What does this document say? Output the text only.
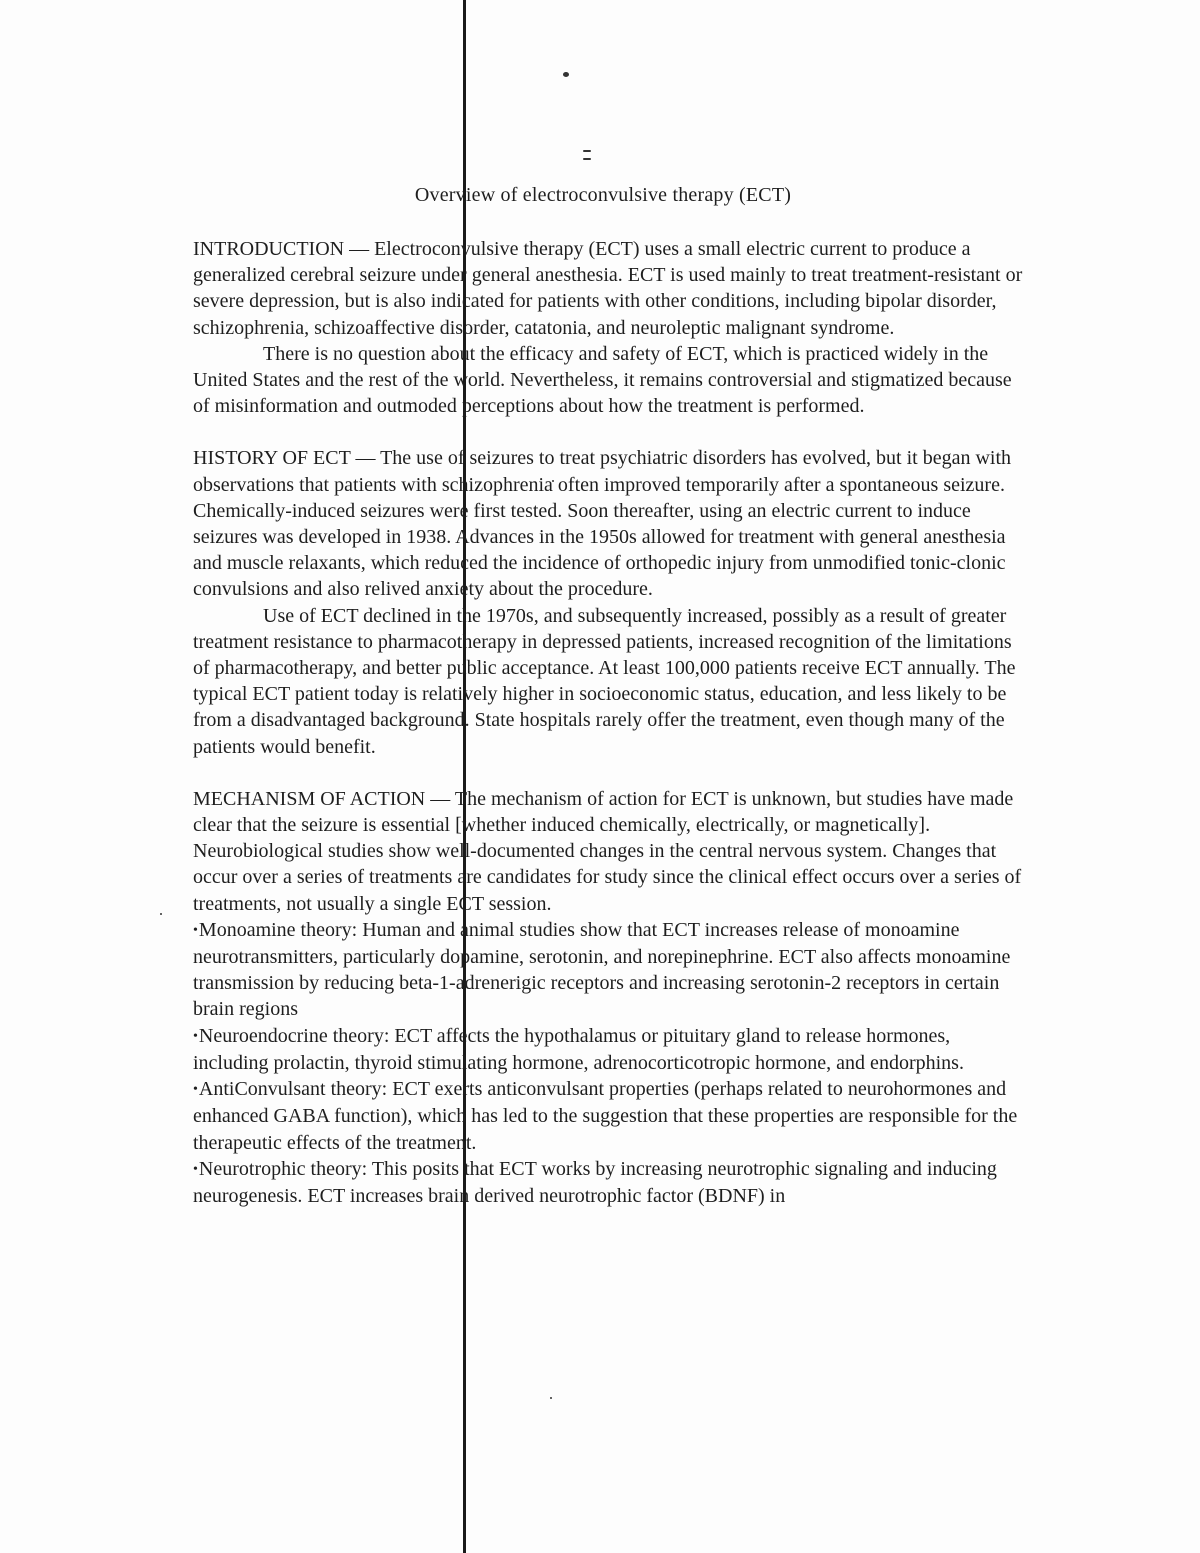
Overview of electroconvulsive therapy (ECT)

INTRODUCTION — Electroconvulsive therapy (ECT) uses a small electric current to produce a generalized cerebral seizure under general anesthesia. ECT is used mainly to treat treatment-resistant or severe depression, but is also indicated for patients with other conditions, including bipolar disorder, schizophrenia, schizoaffective disorder, catatonia, and neuroleptic malignant syndrome.

There is no question about the efficacy and safety of ECT, which is practiced widely in the United States and the rest of the world. Nevertheless, it remains controversial and stigmatized because of misinformation and outmoded perceptions about how the treatment is performed.

HISTORY OF ECT — The use of seizures to treat psychiatric disorders has evolved, but it began with observations that patients with schizophrenia often improved temporarily after a spontaneous seizure. Chemically-induced seizures were first tested. Soon thereafter, using an electric current to induce seizures was developed in 1938. Advances in the 1950s allowed for treatment with general anesthesia and muscle relaxants, which reduced the incidence of orthopedic injury from unmodified tonic-clonic convulsions and also relived anxiety about the procedure.

Use of ECT declined in the 1970s, and subsequently increased, possibly as a result of greater treatment resistance to pharmacotherapy in depressed patients, increased recognition of the limitations of pharmacotherapy, and better public acceptance. At least 100,000 patients receive ECT annually. The typical ECT patient today is relatively higher in socioeconomic status, education, and less likely to be from a disadvantaged background. State hospitals rarely offer the treatment, even though many of the patients would benefit.

MECHANISM OF ACTION — The mechanism of action for ECT is unknown, but studies have made clear that the seizure is essential [whether induced chemically, electrically, or magnetically]. Neurobiological studies show well-documented changes in the central nervous system. Changes that occur over a series of treatments are candidates for study since the clinical effect occurs over a series of treatments, not usually a single ECT session.

•Monoamine theory: Human and animal studies show that ECT increases release of monoamine neurotransmitters, particularly dopamine, serotonin, and norepinephrine. ECT also affects monoamine transmission by reducing beta-1-adrenerigic receptors and increasing serotonin-2 receptors in certain brain regions

•Neuroendocrine theory: ECT affects the hypothalamus or pituitary gland to release hormones, including prolactin, thyroid stimulating hormone, adrenocorticotropic hormone, and endorphins.

•AntiConvulsant theory: ECT exerts anticonvulsant properties (perhaps related to neurohormones and enhanced GABA function), which has led to the suggestion that these properties are responsible for the therapeutic effects of the treatment.

•Neurotrophic theory: This posits that ECT works by increasing neurotrophic signaling and inducing neurogenesis. ECT increases brain derived neurotrophic factor (BDNF) in
